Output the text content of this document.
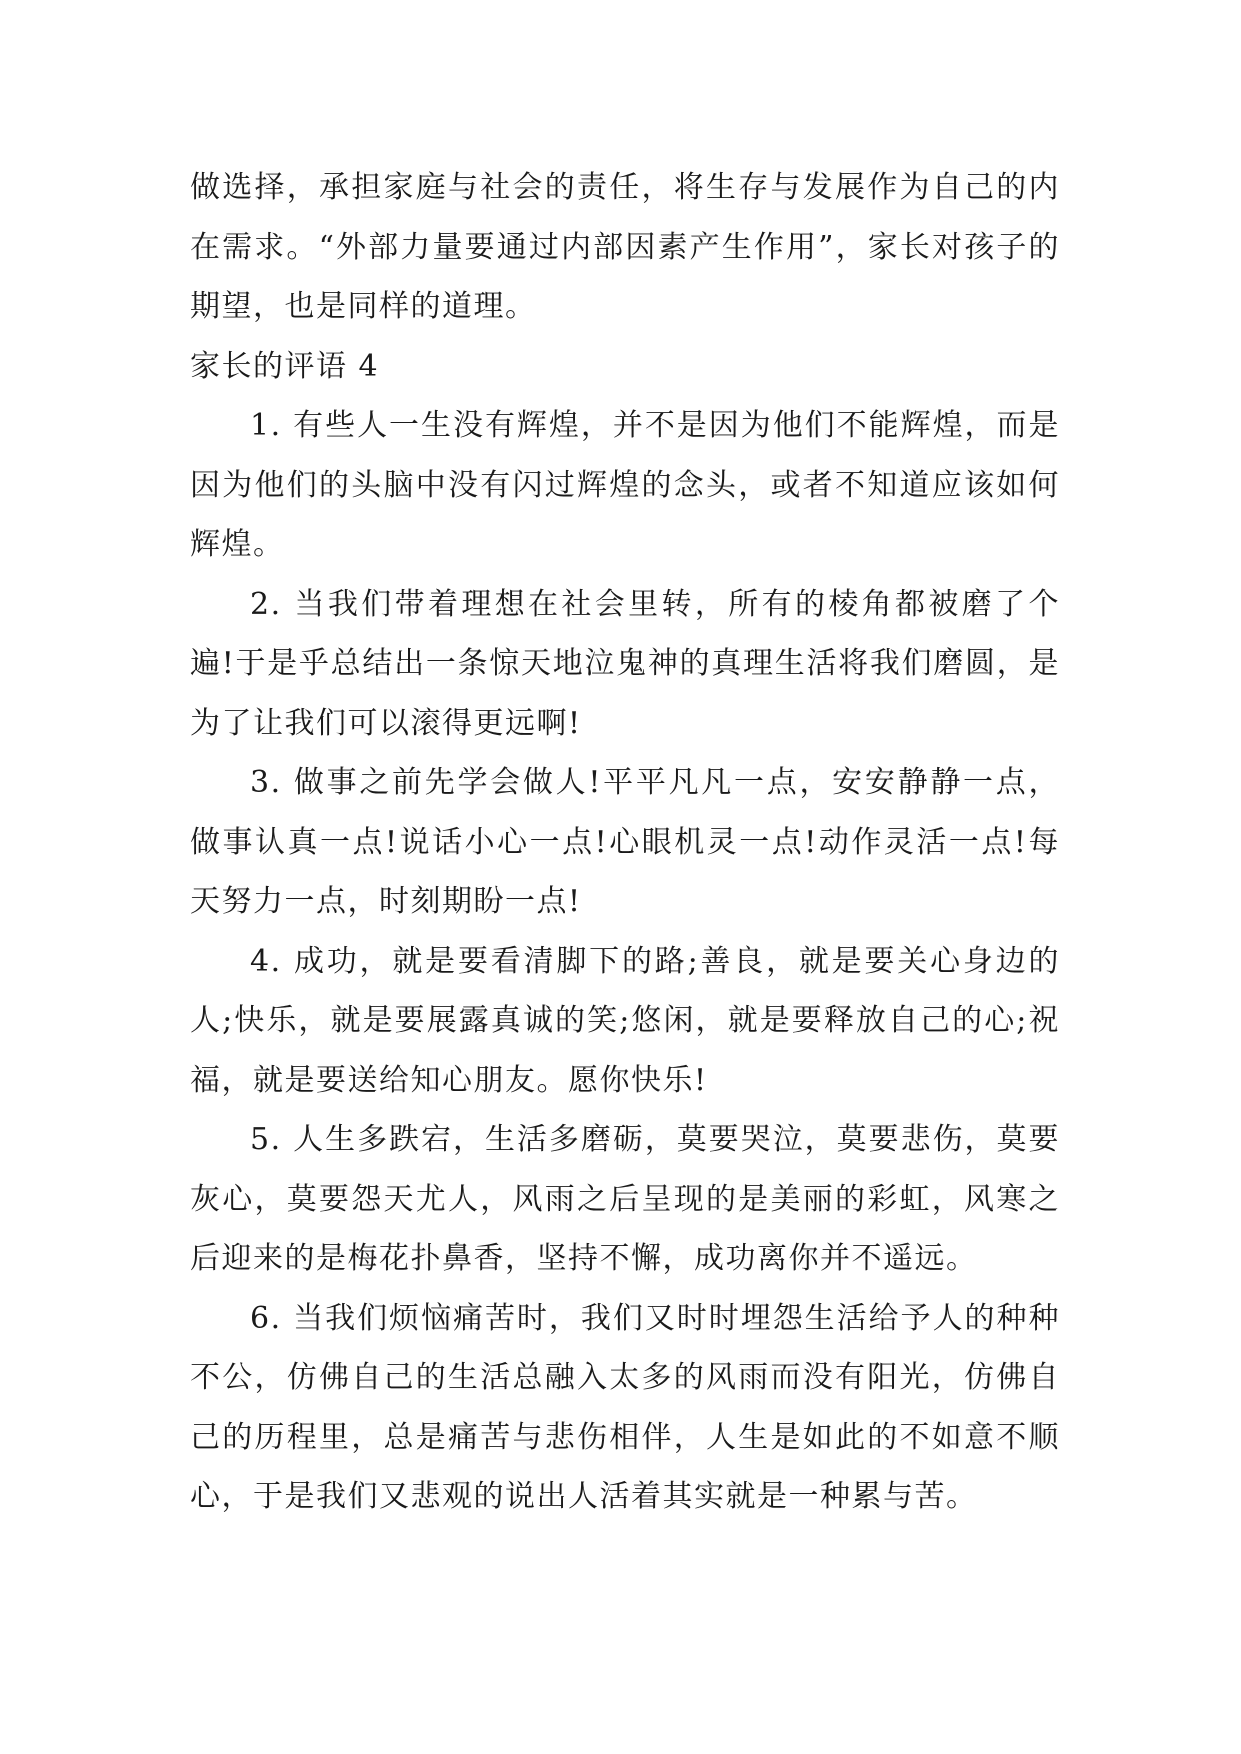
做选择，承担家庭与社会的责任，将生存与发展作为自己的内在需求。“外部力量要通过内部因素产生作用”，家长对孩子的期望，也是同样的道理。

家长的评语 4

1. 有些人一生没有辉煌，并不是因为他们不能辉煌，而是因为他们的头脑中没有闪过辉煌的念头，或者不知道应该如何辉煌。

2. 当我们带着理想在社会里转，所有的棱角都被磨了个遍!于是乎总结出一条惊天地泣鬼神的真理生活将我们磨圆，是为了让我们可以滚得更远啊!

3. 做事之前先学会做人!平平凡凡一点，安安静静一点，做事认真一点!说话小心一点!心眼机灵一点!动作灵活一点!每天努力一点，时刻期盼一点!

4. 成功，就是要看清脚下的路;善良，就是要关心身边的人;快乐，就是要展露真诚的笑;悠闲，就是要释放自己的心;祝福，就是要送给知心朋友。愿你快乐!

5. 人生多跌宕，生活多磨砺，莫要哭泣，莫要悲伤，莫要灰心，莫要怨天尤人，风雨之后呈现的是美丽的彩虹，风寒之后迎来的是梅花扑鼻香，坚持不懈，成功离你并不遥远。

6. 当我们烦恼痛苦时，我们又时时埋怨生活给予人的种种不公，仿佛自己的生活总融入太多的风雨而没有阳光，仿佛自己的历程里，总是痛苦与悲伤相伴，人生是如此的不如意不顺心，于是我们又悲观的说出人活着其实就是一种累与苦。
